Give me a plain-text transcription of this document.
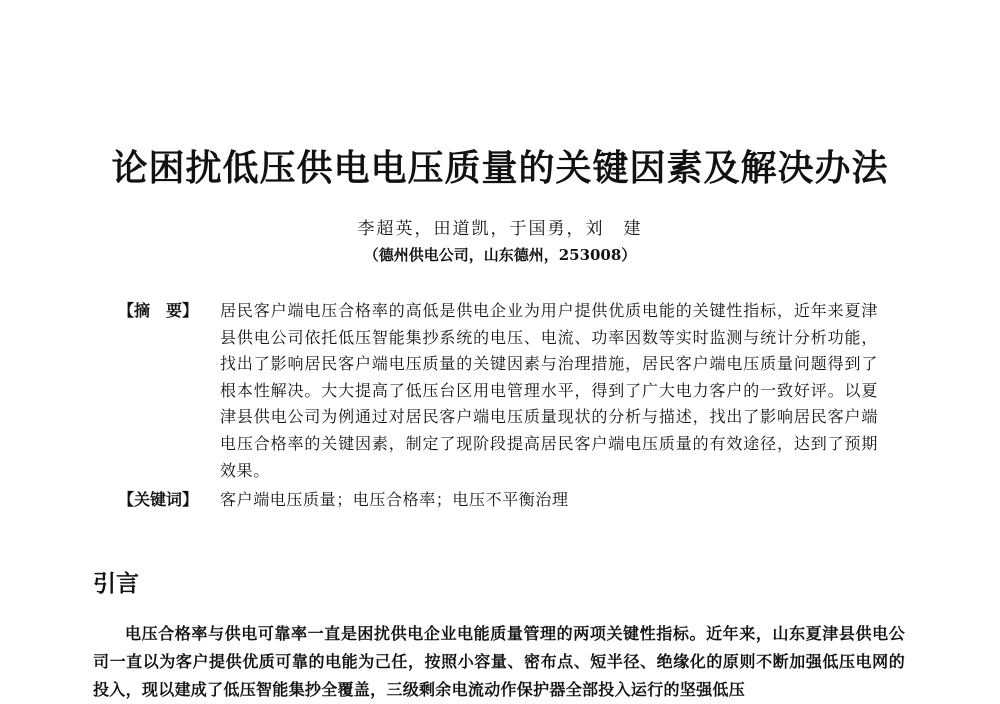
论困扰低压供电电压质量的关键因素及解决办法
李超英，田道凯，于国勇，刘　建
（德州供电公司，山东德州，253008）
【摘　要】	居民客户端电压合格率的高低是供电企业为用户提供优质电能的关键性指标，近年来夏津县供电公司依托低压智能集抄系统的电压、电流、功率因数等实时监测与统计分析功能，找出了影响居民客户端电压质量的关键因素与治理措施，居民客户端电压质量问题得到了根本性解决。大大提高了低压台区用电管理水平，得到了广大电力客户的一致好评。以夏津县供电公司为例通过对居民客户端电压质量现状的分析与描述，找出了影响居民客户端电压合格率的关键因素，制定了现阶段提高居民客户端电压质量的有效途径，达到了预期效果。
【关键词】	客户端电压质量；电压合格率；电压不平衡治理
引言
电压合格率与供电可靠率一直是困扰供电企业电能质量管理的两项关键性指标。近年来，山东夏津县供电公司一直以为客户提供优质可靠的电能为己任，按照小容量、密布点、短半径、绝缘化的原则不断加强低压电网的投入，现以建成了低压智能集抄全覆盖，三级剩余电流动作保护器全部投入运行的坚强低压
